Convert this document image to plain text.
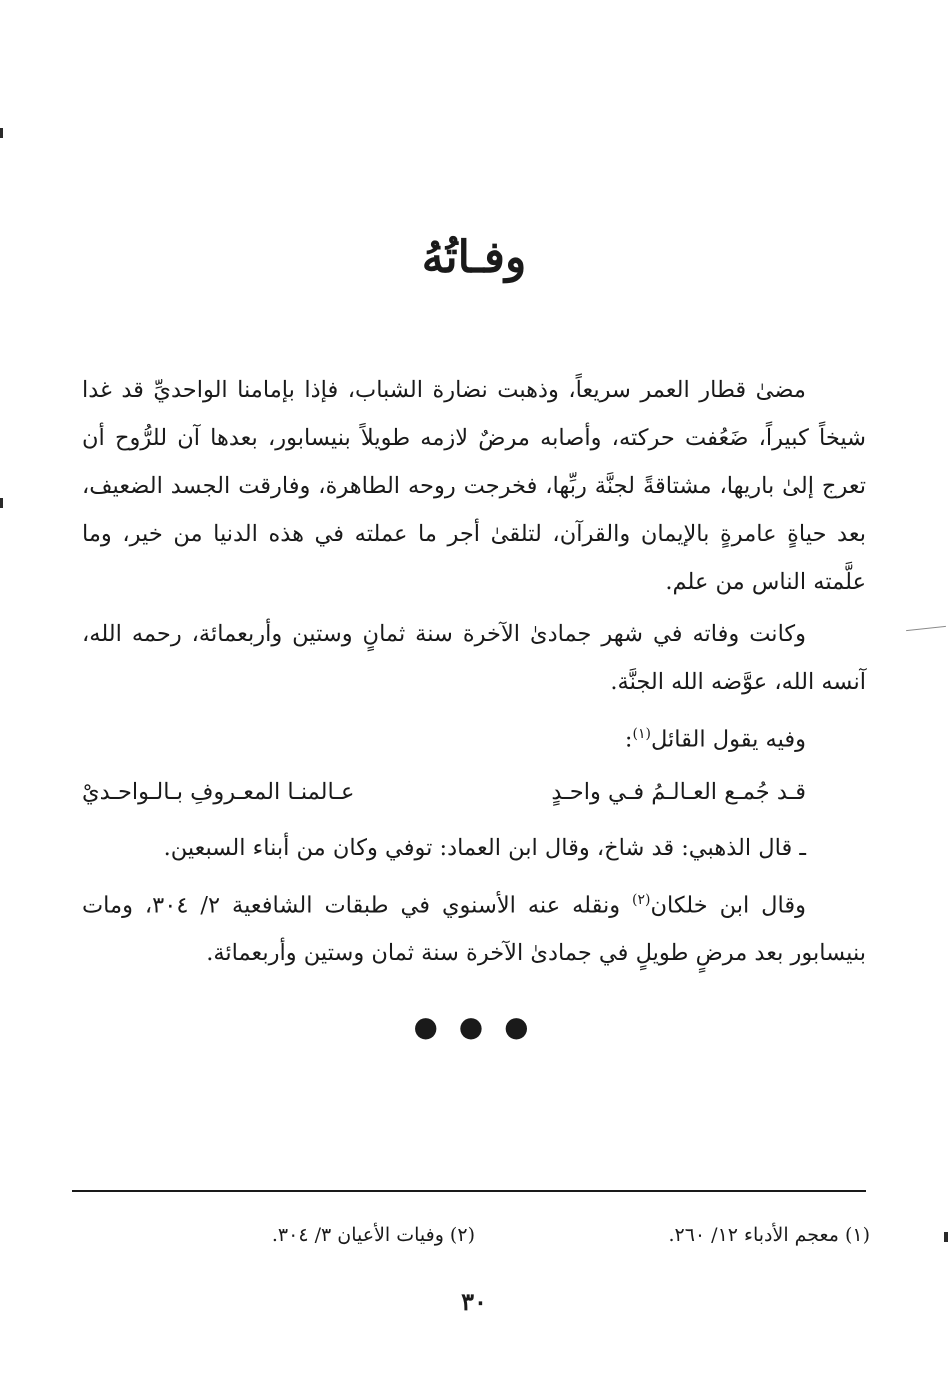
وفـاتُهُ

مضىٰ قطار العمر سريعاً، وذهبت نضارة الشباب، فإذا بإمامنا الواحديِّ قد غدا شيخاً كبيراً، ضَعُفت حركته، وأصابه مرضٌ لازمه طويلاً بنيسابور، بعدها آن للرُّوح أن تعرج إلىٰ باريها، مشتاقةً لجنَّة ربِّها، فخرجت روحه الطاهرة، وفارقت الجسد الضعيف، بعد حياةٍ عامرةٍ بالإيمان والقرآن، لتلقىٰ أجر ما عملته في هذه الدنيا من خير، وما علَّمته الناس من علم.

وكانت وفاته في شهر جمادىٰ الآخرة سنة ثمانٍ وستين وأربعمائة، رحمه الله، آنسه الله، عوَّضه الله الجنَّة.

وفيه يقول القائل$^{(١)}$:

قـد جُمـع العـالـمُ فـي واحـدٍ
عـالمنـا المعـروفِ بـالـواحـديْ

ـ قال الذهبي: قد شاخ، وقال ابن العماد: توفي وكان من أبناء السبعين.

وقال ابن خلكان$^{(٢)}$ ونقله عنه الأسنوي في طبقات الشافعية ٢/ ٣٠٤، ومات بنيسابور بعد مرضٍ طويلٍ في جمادىٰ الآخرة سنة ثمان وستين وأربعمائة.

● ● ●
(١) معجم الأدباء ١٢/ ٢٦٠.
(٢) وفيات الأعيان ٣/ ٣٠٤.
٣٠
